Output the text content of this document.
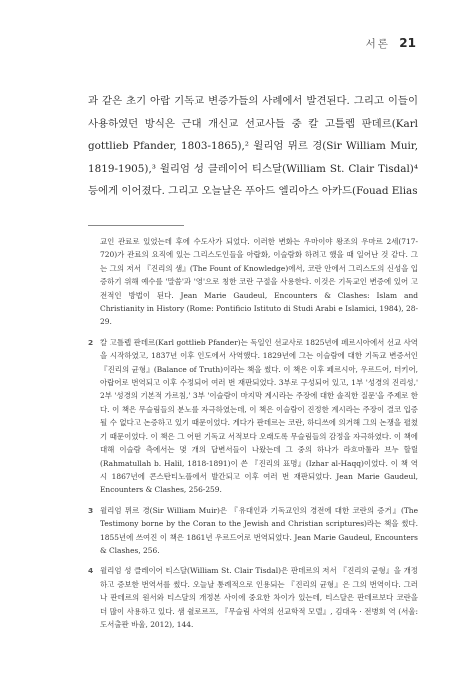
서론 21

과 같은 초기 아랍 기독교 변증가들의 사례에서 발견된다. 그리고 이들이 사용하였던 방식은 근대 개신교 선교사들 중 칼 고틀렙 판데르(Karl gottlieb Pfander, 1803-1865),² 윌리엄 뮈르 경(Sir William Muir, 1819-1905),³ 윌리엄 성 클레이어 티스달(William St. Clair Tisdal)⁴ 등에게 이어졌다. 그리고 오늘날은 푸아드 엘리아스 아카드(Fouad Elias

교인 관료로 있었는데 후에 수도사가 되었다. 이러한 변화는 우마이야 왕조의 우마르 2세(717-720)가 관료의 요직에 있는 그리스도인들을 아랍화, 이슬람화 하려고 했을 때 일어난 것 같다. 그는 그의 저서 『진리의 샘』(The Fount of Knowledge)에서, 코란 안에서 그리스도의 신성을 입증하기 위해 예수를 '말씀'과 '영'으로 칭한 코란 구절을 사용한다. 이것은 기독교인 변증에 있어 고전적인 방법이 된다. Jean Marie Gaudeul, Encounters & Clashes: Islam and Christianity in History (Rome: Pontificio Istituto di Studi Arabi e Islamici, 1984), 28-29.
2 칼 고틀렙 판데르(Karl gottlieb Pfander)는 독일인 선교사로 1825년에 페르시아에서 선교 사역을 시작하였고, 1837년 이후 인도에서 사역했다. 1829년에 그는 이슬람에 대한 기독교 변증서인 『진리의 균형』(Balance of Truth)이라는 책을 썼다. 이 책은 이후 페르시아, 우르드어, 터키어, 아랍어로 번역되고 이후 수정되어 여러 번 재판되었다. 3부로 구성되어 있고, 1부 '성경의 진리성,' 2부 '성경의 기본적 가르침,' 3부 '이슬람이 마지막 계시라는 주장에 대한 솔직한 질문'을 주제로 한다. 이 책은 무슬림들의 분노를 자극하였는데, 이 책은 이슬람이 진정한 계시라는 주장이 결코 입증 될 수 없다고 논증하고 있기 때문이었다. 게다가 판데르는 코란, 하디쓰에 의거해 그의 논쟁을 펼쳤기 때문이었다. 이 책은 그 어떤 기독교 서적보다 오래도록 무슬림들의 감정을 자극하였다. 이 책에 대해 이슬람 측에서는 몇 개의 답변서들이 나왔는데 그 중의 하나가 라흐마툴라 브누 할릴(Rahmatullah b. Halil, 1818-1891)이 쓴 『진리의 표명』(Izhar al-Haqq)이었다. 이 책 역시 1867년에 콘스탄티노플에서 발간되고 이후 여러 번 재판되었다. Jean Marie Gaudeul, Encounters & Clashes, 256-259.
3 윌리엄 뮈르 경(Sir William Muir)은 『유대인과 기독교인의 경전에 대한 코란의 증거』(The Testimony borne by the Coran to the Jewish and Christian scriptures)라는 책을 썼다. 1855년에 쓰여진 이 책은 1861년 우르드어로 번역되었다. Jean Marie Gaudeul, Encounters & Clashes, 256.
4 윌리엄 성 클레이어 티스달(William St. Clair Tisdal)은 판데르의 저서 『진리의 균형』을 개정하고 증보한 번역서를 썼다. 오늘날 통례적으로 인용되는 『진리의 균형』은 그의 번역이다. 그러나 판데르의 원서와 티스달의 개정본 사이에 중요한 차이가 있는데, 티스달은 판데르보다 코란을 더 많이 사용하고 있다. 샘 쉴로르프, 『무슬림 사역의 선교학적 모델』, 김대옥 · 전병희 역 (서울: 도서출판 바울, 2012), 144.
